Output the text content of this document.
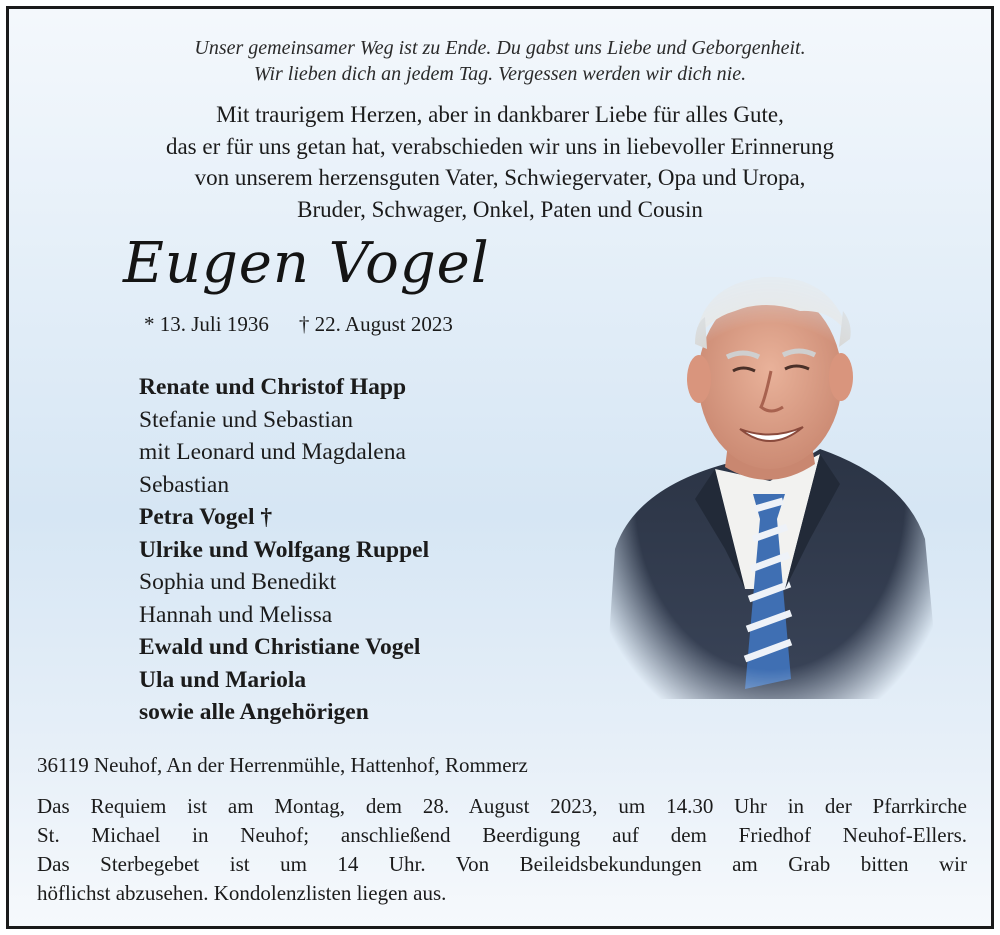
Unser gemeinsamer Weg ist zu Ende. Du gabst uns Liebe und Geborgenheit.
Wir lieben dich an jedem Tag. Vergessen werden wir dich nie.
Mit traurigem Herzen, aber in dankbarer Liebe für alles Gute,
das er für uns getan hat, verabschieden wir uns in liebevoller Erinnerung
von unserem herzensguten Vater, Schwiegervater, Opa und Uropa,
Bruder, Schwager, Onkel, Paten und Cousin
Eugen Vogel
* 13. Juli 1936 † 22. August 2023
Renate und Christof Happ
Stefanie und Sebastian
mit Leonard und Magdalena
Sebastian
Petra Vogel †
Ulrike und Wolfgang Ruppel
Sophia und Benedikt
Hannah und Melissa
Ewald und Christiane Vogel
Ula und Mariola
sowie alle Angehörigen
36119 Neuhof, An der Herrenmühle, Hattenhof, Rommerz
Das Requiem ist am Montag, dem 28. August 2023, um 14.30 Uhr in der Pfarrkirche
St. Michael in Neuhof; anschließend Beerdigung auf dem Friedhof Neuhof-Ellers.
Das Sterbegebet ist um 14 Uhr. Von Beileidsbekundungen am Grab bitten wir
höflichst abzusehen. Kondolenzlisten liegen aus.
